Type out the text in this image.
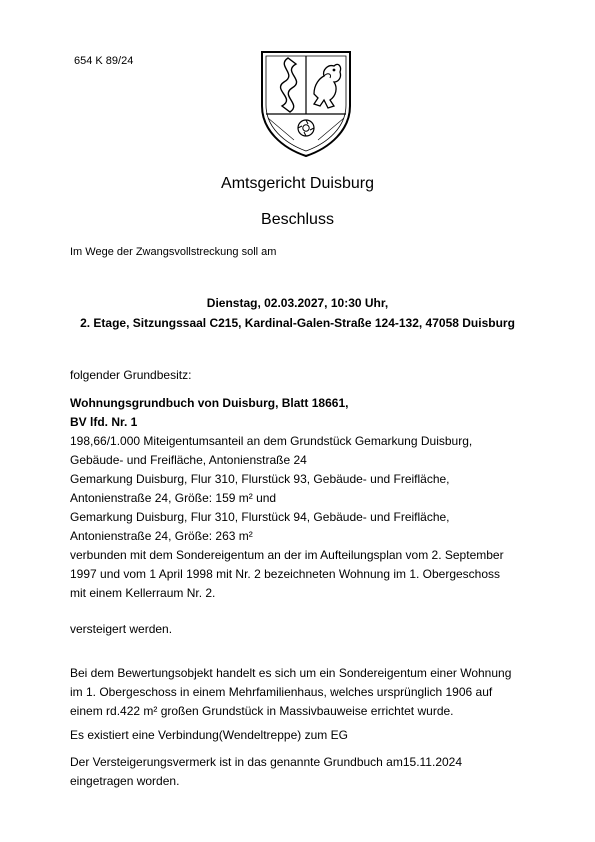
654 K 89/24
Amtsgericht Duisburg
Beschluss
Im Wege der Zwangsvollstreckung soll am
Dienstag, 02.03.2027, 10:30 Uhr,
2. Etage, Sitzungssaal C215, Kardinal-Galen-Straße 124-132, 47058 Duisburg
folgender Grundbesitz:
Wohnungsgrundbuch von Duisburg, Blatt 18661,
BV lfd. Nr. 1
198,66/1.000 Miteigentumsanteil an dem Grundstück Gemarkung Duisburg,
Gebäude- und Freifläche, Antonienstraße 24
Gemarkung Duisburg, Flur 310, Flurstück 93, Gebäude- und Freifläche,
Antonienstraße 24, Größe: 159 m² und
Gemarkung Duisburg, Flur 310, Flurstück 94, Gebäude- und Freifläche,
Antonienstraße 24, Größe: 263 m²
verbunden mit dem Sondereigentum an der im Aufteilungsplan vom 2. September
1997 und vom 1 April 1998 mit Nr. 2 bezeichneten Wohnung im 1. Obergeschoss
mit einem Kellerraum Nr. 2.
versteigert werden.
Bei dem Bewertungsobjekt handelt es sich um ein Sondereigentum einer Wohnung
im 1. Obergeschoss in einem Mehrfamilienhaus, welches ursprünglich 1906 auf
einem rd.422 m² großen Grundstück in Massivbauweise errichtet wurde.
Es existiert eine Verbindung(Wendeltreppe) zum EG
Der Versteigerungsvermerk ist in das genannte Grundbuch am15.11.2024
eingetragen worden.
